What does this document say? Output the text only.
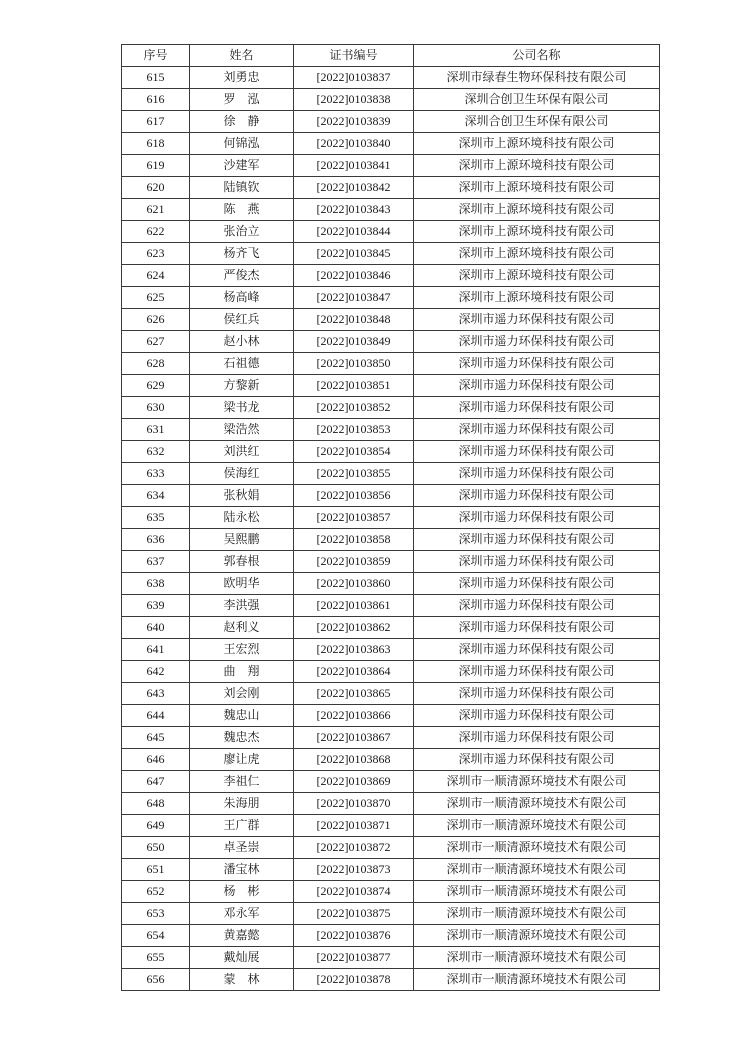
序号	姓名	证书编号	公司名称
615	刘勇忠	[2022]0103837	深圳市绿春生物环保科技有限公司
616	罗　泓	[2022]0103838	深圳合创卫生环保有限公司
617	徐　静	[2022]0103839	深圳合创卫生环保有限公司
618	何锦泓	[2022]0103840	深圳市上源环境科技有限公司
619	沙建军	[2022]0103841	深圳市上源环境科技有限公司
620	陆镇钦	[2022]0103842	深圳市上源环境科技有限公司
621	陈　燕	[2022]0103843	深圳市上源环境科技有限公司
622	张治立	[2022]0103844	深圳市上源环境科技有限公司
623	杨齐飞	[2022]0103845	深圳市上源环境科技有限公司
624	严俊杰	[2022]0103846	深圳市上源环境科技有限公司
625	杨高峰	[2022]0103847	深圳市上源环境科技有限公司
626	侯红兵	[2022]0103848	深圳市遥力环保科技有限公司
627	赵小林	[2022]0103849	深圳市遥力环保科技有限公司
628	石祖德	[2022]0103850	深圳市遥力环保科技有限公司
629	方黎新	[2022]0103851	深圳市遥力环保科技有限公司
630	梁书龙	[2022]0103852	深圳市遥力环保科技有限公司
631	梁浩然	[2022]0103853	深圳市遥力环保科技有限公司
632	刘洪红	[2022]0103854	深圳市遥力环保科技有限公司
633	侯海红	[2022]0103855	深圳市遥力环保科技有限公司
634	张秋娟	[2022]0103856	深圳市遥力环保科技有限公司
635	陆永松	[2022]0103857	深圳市遥力环保科技有限公司
636	吴熙鹏	[2022]0103858	深圳市遥力环保科技有限公司
637	郭春根	[2022]0103859	深圳市遥力环保科技有限公司
638	欧明华	[2022]0103860	深圳市遥力环保科技有限公司
639	李洪强	[2022]0103861	深圳市遥力环保科技有限公司
640	赵利义	[2022]0103862	深圳市遥力环保科技有限公司
641	王宏烈	[2022]0103863	深圳市遥力环保科技有限公司
642	曲　翔	[2022]0103864	深圳市遥力环保科技有限公司
643	刘会刚	[2022]0103865	深圳市遥力环保科技有限公司
644	魏忠山	[2022]0103866	深圳市遥力环保科技有限公司
645	魏忠杰	[2022]0103867	深圳市遥力环保科技有限公司
646	廖让虎	[2022]0103868	深圳市遥力环保科技有限公司
647	李祖仁	[2022]0103869	深圳市一顺清源环境技术有限公司
648	朱海朋	[2022]0103870	深圳市一顺清源环境技术有限公司
649	王广群	[2022]0103871	深圳市一顺清源环境技术有限公司
650	卓圣崇	[2022]0103872	深圳市一顺清源环境技术有限公司
651	潘宝林	[2022]0103873	深圳市一顺清源环境技术有限公司
652	杨　彬	[2022]0103874	深圳市一顺清源环境技术有限公司
653	邓永军	[2022]0103875	深圳市一顺清源环境技术有限公司
654	黄嘉懿	[2022]0103876	深圳市一顺清源环境技术有限公司
655	戴灿展	[2022]0103877	深圳市一顺清源环境技术有限公司
656	蒙　林	[2022]0103878	深圳市一顺清源环境技术有限公司
